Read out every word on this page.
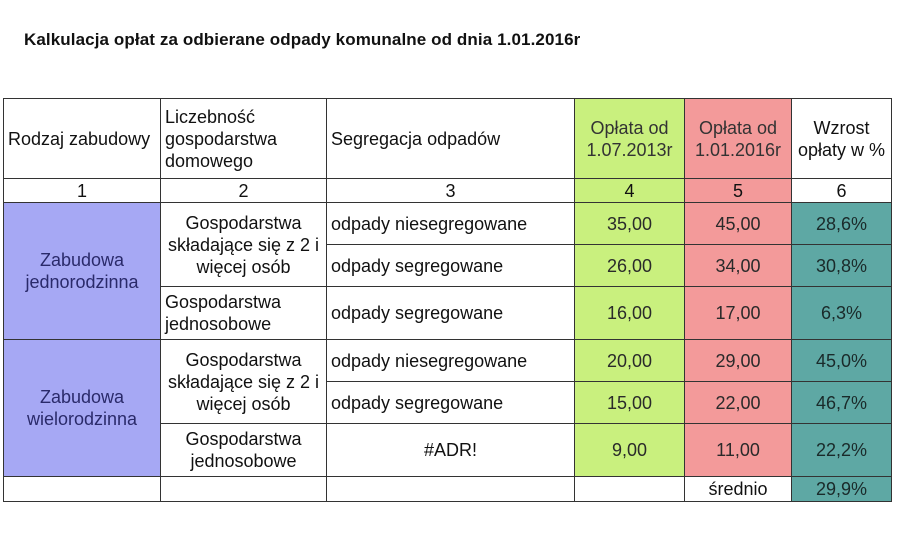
Kalkulacja opłat za odbierane odpady komunalne od dnia 1.01.2016r
Rodzaj zabudowy	Liczebność gospodarstwa domowego	Segregacja odpadów	Opłata od 1.07.2013r	Opłata od 1.01.2016r	Wzrost opłaty w %
1	2	3	4	5	6
Zabudowa jednorodzinna	Gospodarstwa składające się z 2 i więcej osób	odpady niesegregowane	35,00	45,00	28,6%
		odpady segregowane	26,00	34,00	30,8%
	Gospodarstwa jednosobowe	odpady segregowane	16,00	17,00	6,3%
Zabudowa wielorodzinna	Gospodarstwa składające się z 2 i więcej osób	odpady niesegregowane	20,00	29,00	45,0%
		odpady segregowane	15,00	22,00	46,7%
	Gospodarstwa jednosobowe	#ADR!	9,00	11,00	22,2%
				średnio	29,9%
